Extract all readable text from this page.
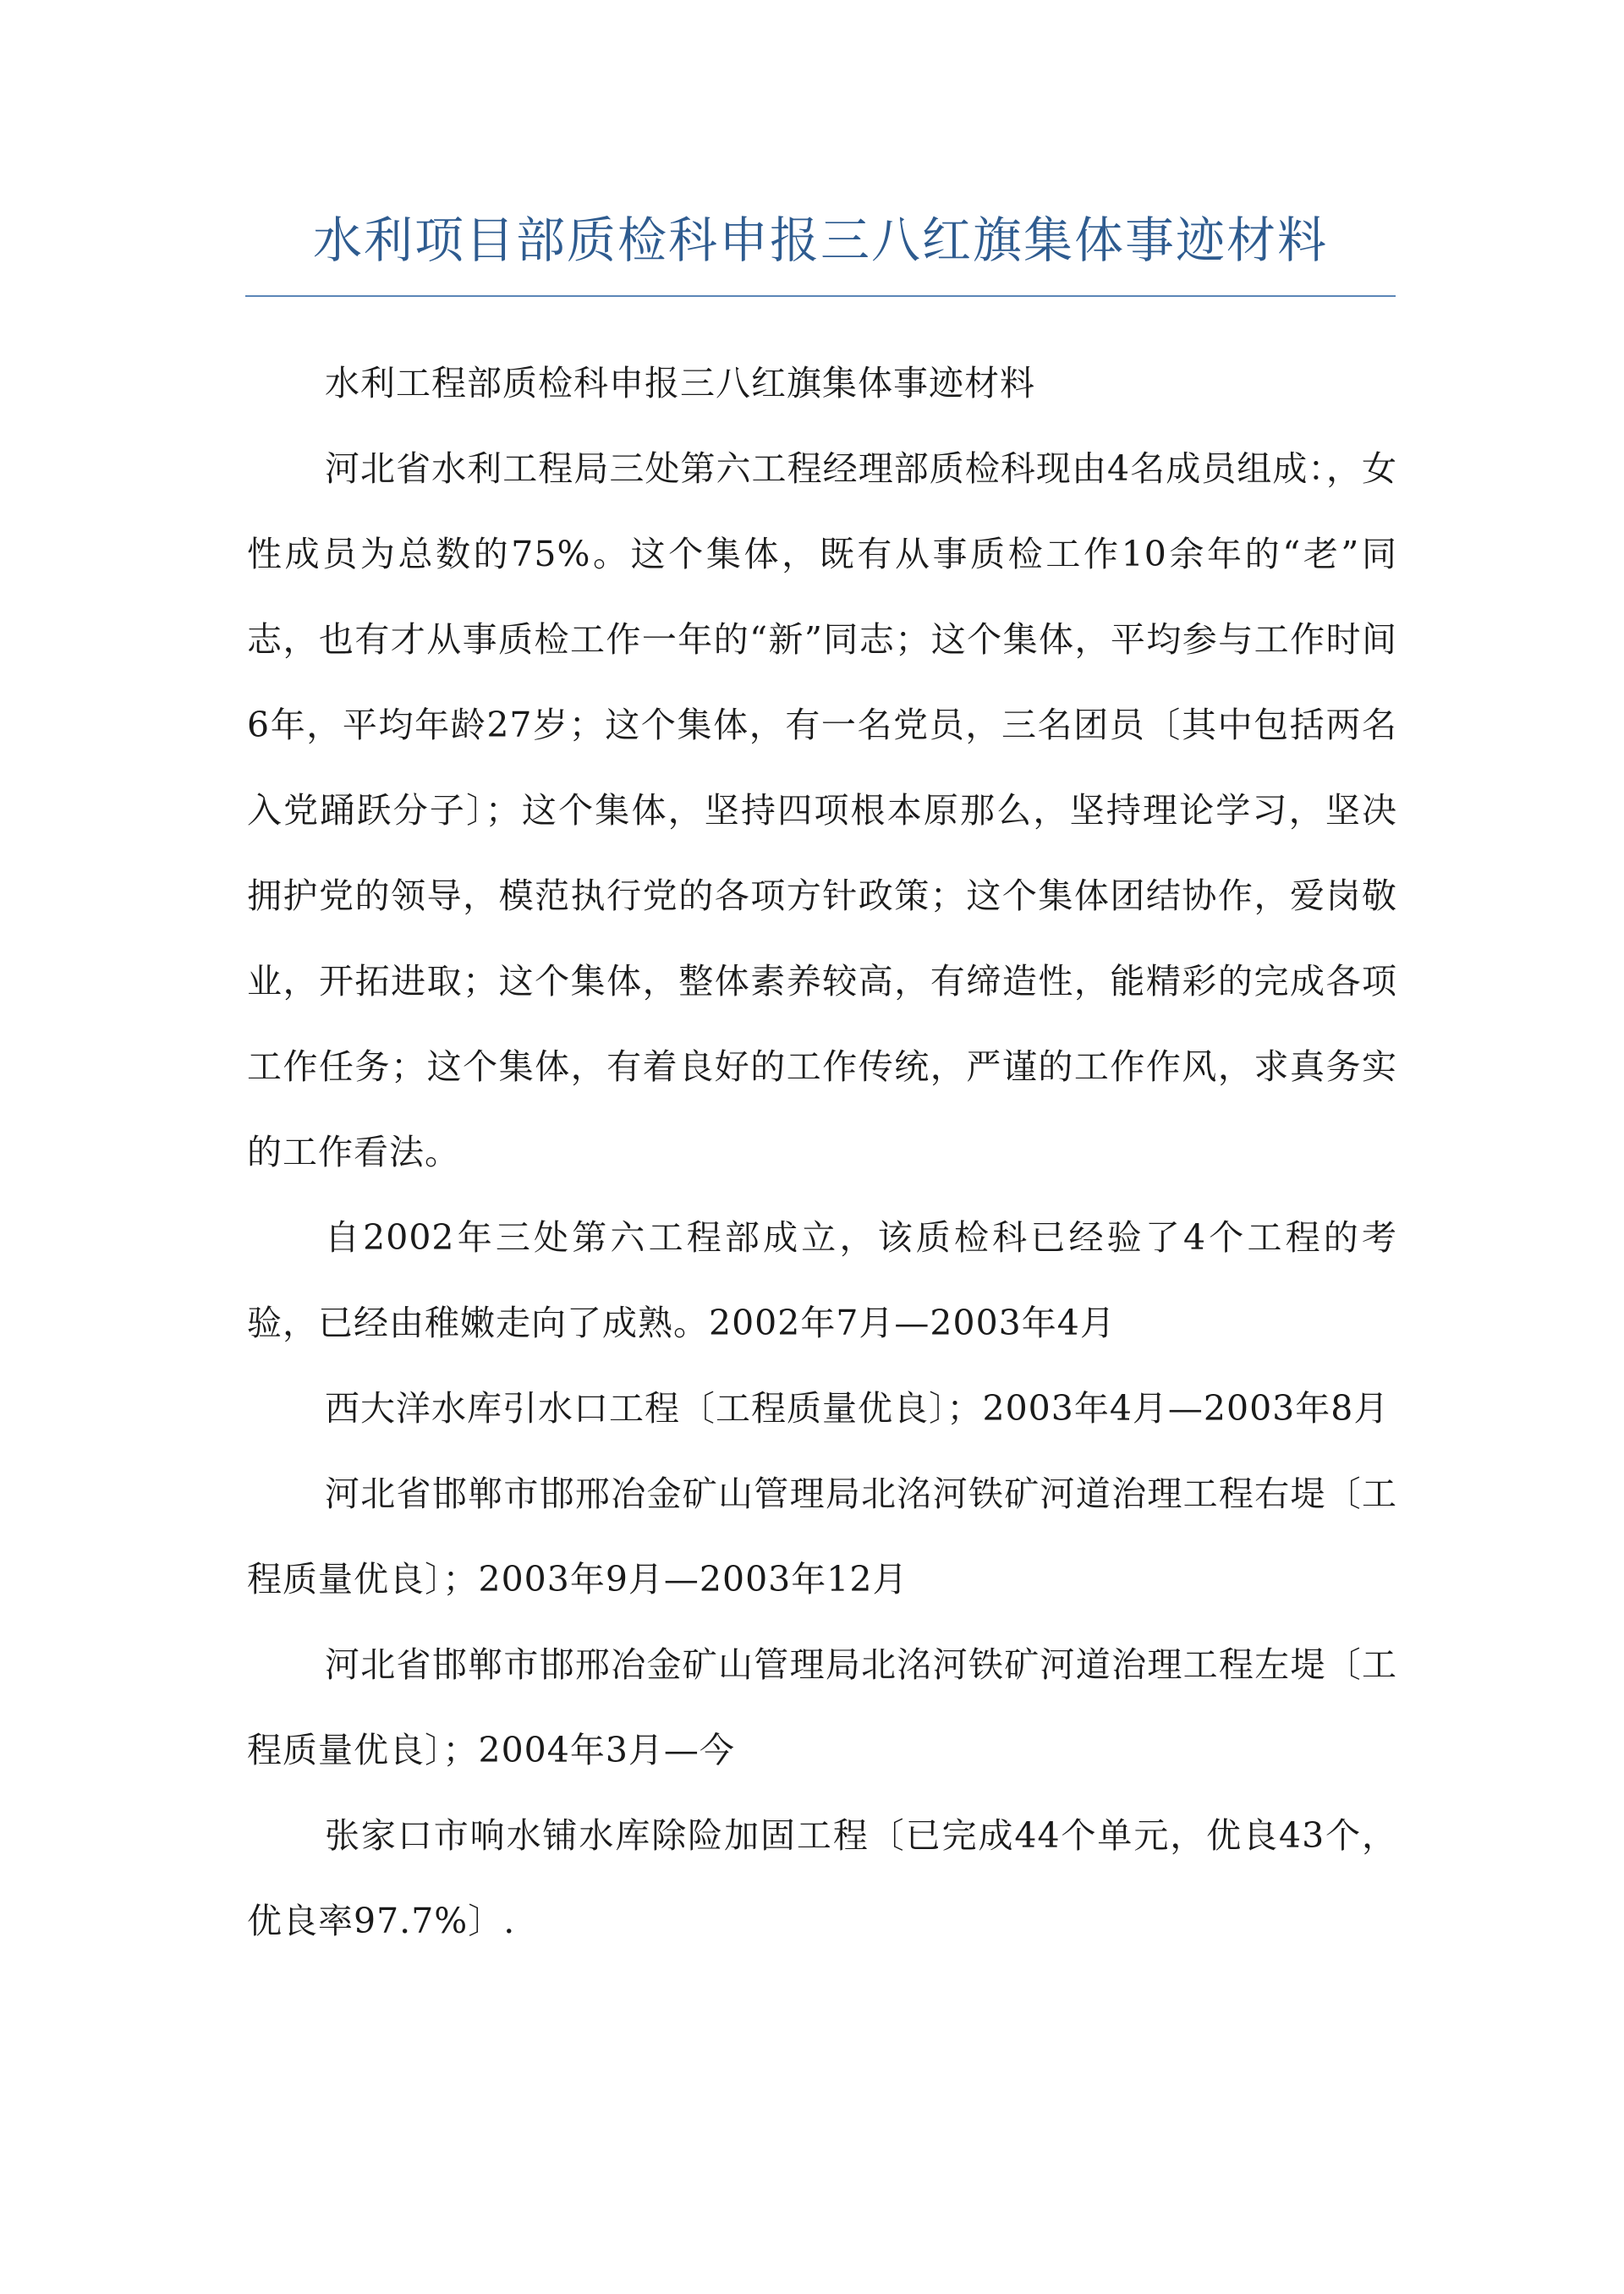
水利项目部质检科申报三八红旗集体事迹材料

水利工程部质检科申报三八红旗集体事迹材料

河北省水利工程局三处第六工程经理部质检科现由4名成员组成：，女性成员为总数的75%。这个集体，既有从事质检工作10余年的“老”同志，也有才从事质检工作一年的“新”同志；这个集体，平均参与工作时间6年，平均年龄27岁；这个集体，有一名党员，三名团员〔其中包括两名入党踊跃分子〕；这个集体，坚持四项根本原那么，坚持理论学习，坚决拥护党的领导，模范执行党的各项方针政策；这个集体团结协作，爱岗敬业，开拓进取；这个集体，整体素养较高，有缔造性，能精彩的完成各项工作任务；这个集体，有着良好的工作传统，严谨的工作作风，求真务实的工作看法。

自2002年三处第六工程部成立，该质检科已经验了4个工程的考验，已经由稚嫩走向了成熟。2002年7月—2003年4月

西大洋水库引水口工程〔工程质量优良〕；2003年4月—2003年8月

河北省邯郸市邯邢冶金矿山管理局北洺河铁矿河道治理工程右堤〔工程质量优良〕；2003年9月—2003年12月

河北省邯郸市邯邢冶金矿山管理局北洺河铁矿河道治理工程左堤〔工程质量优良〕；2004年3月—今

张家口市响水铺水库除险加固工程〔已完成44个单元，优良43个，优良率97.7%〕.
